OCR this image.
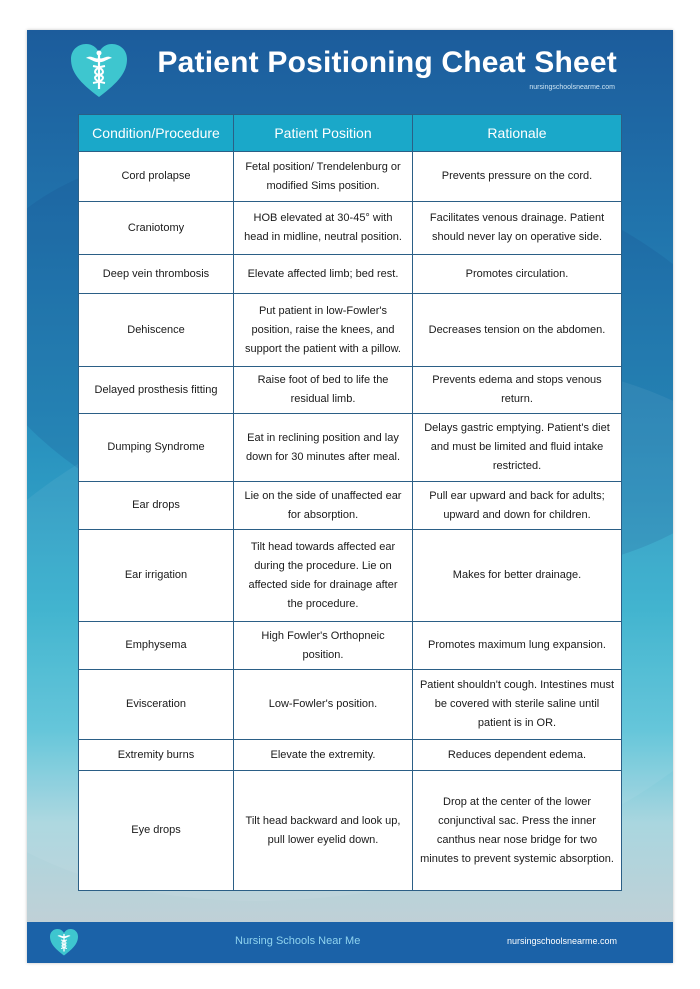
Patient Positioning Cheat Sheet
nursingschoolsnearme.com
Condition/Procedure	Patient Position	Rationale
Cord prolapse	Fetal position/ Trendelenburg or modified Sims position.	Prevents pressure on the cord.
Craniotomy	HOB elevated at 30-45° with head in midline, neutral position.	Facilitates venous drainage. Patient should never lay on operative side.
Deep vein thrombosis	Elevate affected limb; bed rest.	Promotes circulation.
Dehiscence	Put patient in low-Fowler's position, raise the knees, and support the patient with a pillow.	Decreases tension on the abdomen.
Delayed prosthesis fitting	Raise foot of bed to life the residual limb.	Prevents edema and stops venous return.
Dumping Syndrome	Eat in reclining position and lay down for 30 minutes after meal.	Delays gastric emptying. Patient's diet and must be limited and fluid intake restricted.
Ear drops	Lie on the side of unaffected ear for absorption.	Pull ear upward and back for adults; upward and down for children.
Ear irrigation	Tilt head towards affected ear during the procedure. Lie on affected side for drainage after the procedure.	Makes for better drainage.
Emphysema	High Fowler's Orthopneic position.	Promotes maximum lung expansion.
Evisceration	Low-Fowler's position.	Patient shouldn't cough. Intestines must be covered with sterile saline until patient is in OR.
Extremity burns	Elevate the extremity.	Reduces dependent edema.
Eye drops	Tilt head backward and look up, pull lower eyelid down.	Drop at the center of the lower conjunctival sac. Press the inner canthus near nose bridge for two minutes to prevent systemic absorption.
Nursing Schools Near Me	nursingschoolsnearme.com
